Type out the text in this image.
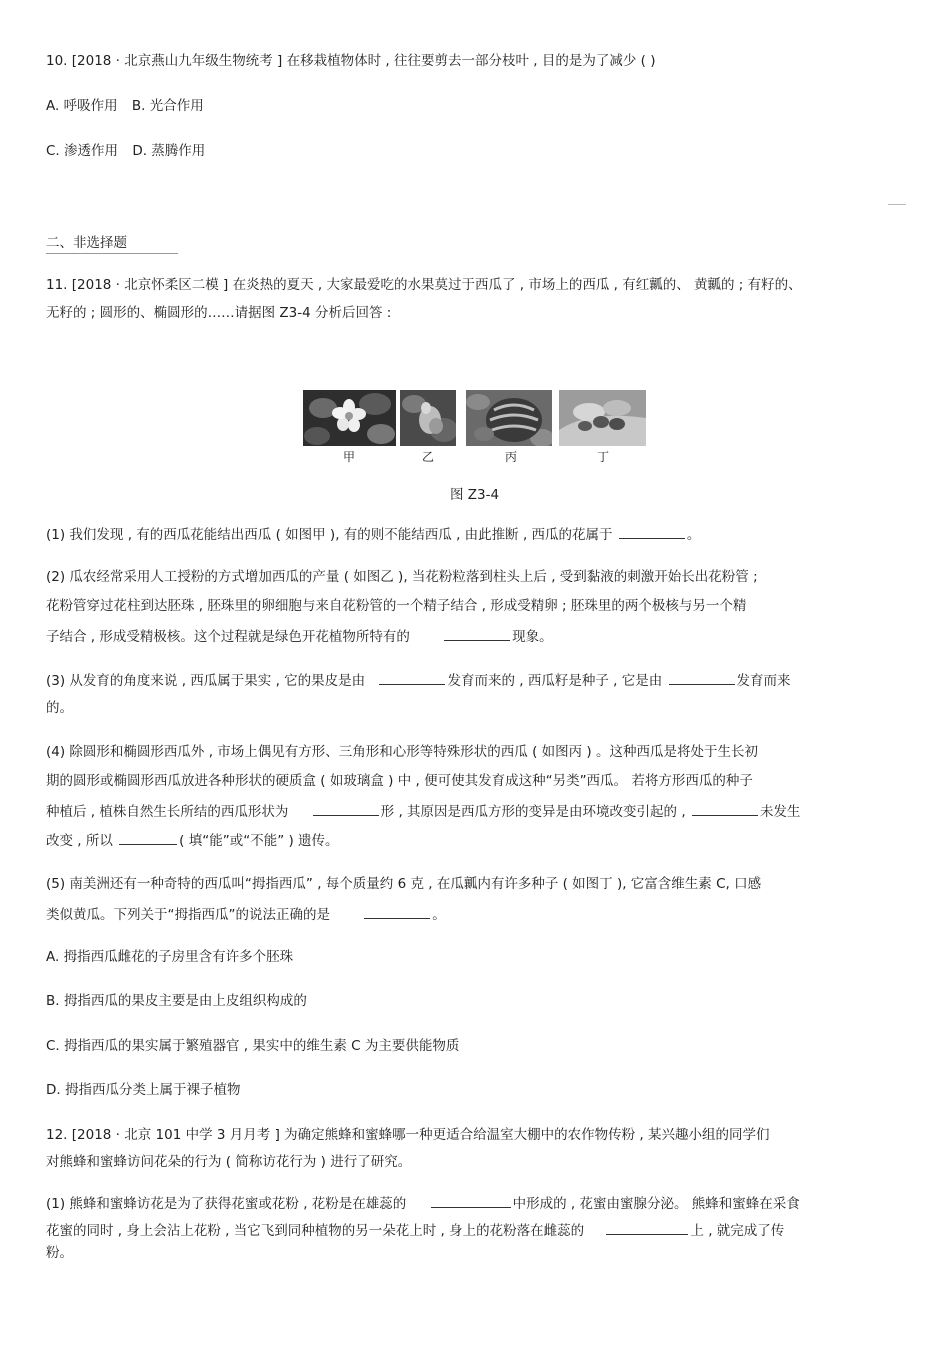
10. [2018 · 北京燕山九年级生物统考 ] 在移栽植物体时 , 往往要剪去一部分枝叶 , 目的是为了减少 ( )
A. 呼吸作用 B. 光合作用
C. 渗透作用 D. 蒸腾作用
二、非选择题
11. [2018 · 北京怀柔区二模 ] 在炎热的夏天 , 大家最爱吃的水果莫过于西瓜了 , 市场上的西瓜 , 有红瓤的、 黄瓤的 ; 有籽的、
无籽的 ; 圆形的、椭圆形的……请据图 Z3-4 分析后回答 :
甲	乙	丙	丁
图 Z3-4
(1) 我们发现 , 有的西瓜花能结出西瓜 ( 如图甲 ), 有的则不能结西瓜 , 由此推断 , 西瓜的花属于	。
(2) 瓜农经常采用人工授粉的方式增加西瓜的产量 ( 如图乙 ), 当花粉粒落到柱头上后 , 受到黏液的刺激开始长出花粉管 ;
花粉管穿过花柱到达胚珠 , 胚珠里的卵细胞与来自花粉管的一个精子结合 , 形成受精卵 ; 胚珠里的两个极核与另一个精
子结合 , 形成受精极核。这个过程就是绿色开花植物所特有的	现象。
(3) 从发育的角度来说 , 西瓜属于果实 , 它的果皮是由	发育而来的 , 西瓜籽是种子 , 它是由	发育而来
的。
(4) 除圆形和椭圆形西瓜外 , 市场上偶见有方形、三角形和心形等特殊形状的西瓜 ( 如图丙 ) 。这种西瓜是将处于生长初
期的圆形或椭圆形西瓜放进各种形状的硬质盒 ( 如玻璃盒 ) 中 , 便可使其发育成这种“另类”西瓜。 若将方形西瓜的种子
种植后 , 植株自然生长所结的西瓜形状为	形 , 其原因是西瓜方形的变异是由环境改变引起的 ,	未发生
改变 , 所以	( 填“能”或“不能” ) 遗传。
(5) 南美洲还有一种奇特的西瓜叫“拇指西瓜” , 每个质量约 6 克 , 在瓜瓤内有许多种子 ( 如图丁 ), 它富含维生素 C, 口感
类似黄瓜。下列关于“拇指西瓜”的说法正确的是	。
A. 拇指西瓜雌花的子房里含有许多个胚珠
B. 拇指西瓜的果皮主要是由上皮组织构成的
C. 拇指西瓜的果实属于繁殖器官 , 果实中的维生素 C 为主要供能物质
D. 拇指西瓜分类上属于裸子植物
12. [2018 · 北京 101 中学 3 月月考 ] 为确定熊蜂和蜜蜂哪一种更适合给温室大棚中的农作物传粉 , 某兴趣小组的同学们
对熊蜂和蜜蜂访问花朵的行为 ( 简称访花行为 ) 进行了研究。
(1) 熊蜂和蜜蜂访花是为了获得花蜜或花粉 , 花粉是在雄蕊的	中形成的 , 花蜜由蜜腺分泌。 熊蜂和蜜蜂在采食
花蜜的同时 , 身上会沾上花粉 , 当它飞到同种植物的另一朵花上时 , 身上的花粉落在雌蕊的	上 , 就完成了传
粉。
